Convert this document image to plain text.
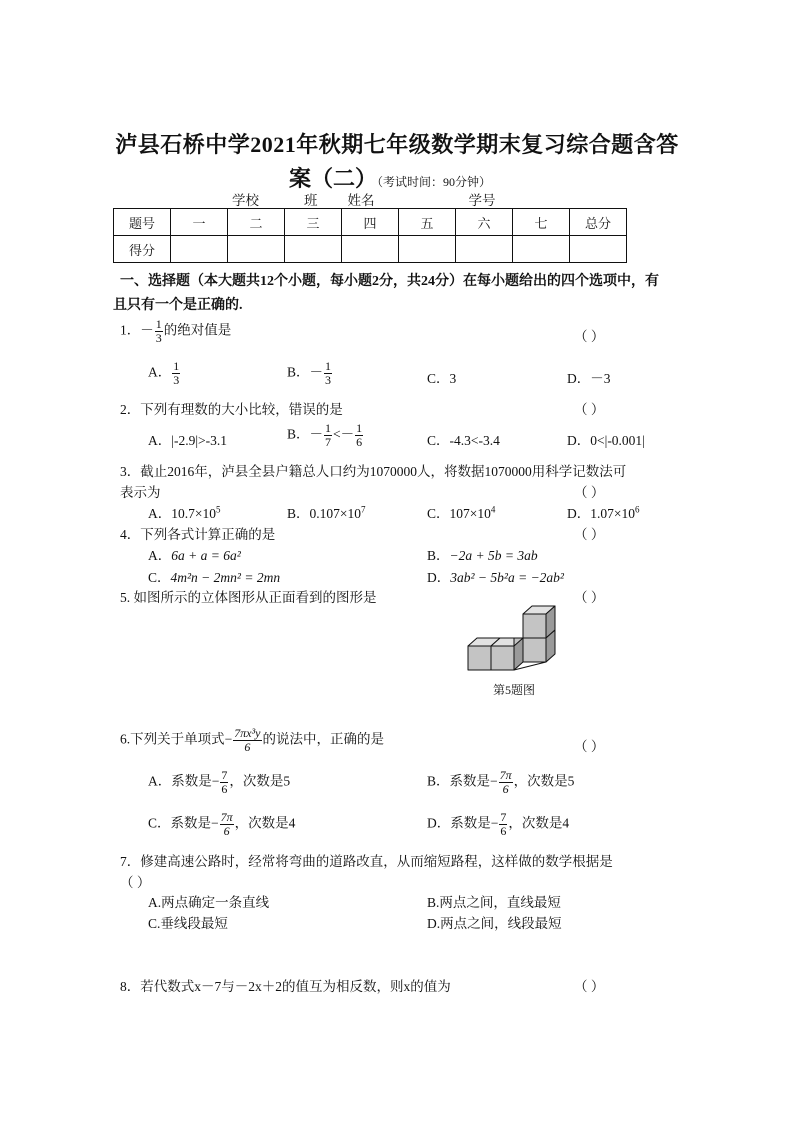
泸县石桥中学2021年秋期七年级数学期末复习综合题含答
案（二）（考试时间：90分钟）
学校	班 姓名	学号
题号	一	二	三	四	五	六	七	总分
得分								
一、选择题（本大题共12个小题，每小题2分，共24分）在每小题给出的四个选项中，有
且只有一个是正确的.
1．－ $\frac{1}{3}$ 的绝对值是	（ ）
A． $\frac{1}{3}$	B．－ $\frac{1}{3}$	C．3	D．－3
2．下列有理数的大小比较，错误的是	（ ）
A．|-2.9|>-3.1	B．－ $\frac{1}{7} <- \frac{1}{6}$	C．-4.3<-3.4	D．0<|-0.001|
3．截止2016年，泸县全县户籍总人口约为1070000人，将数据1070000用科学记数法可
表示为	（ ）
A．$10.7\times 10^5$	B．$0.107\times 10^7$	C．$107\times 10^4$	D．$1.07\times 10^6$
4．下列各式计算正确的是	（ ）
A．6a + a = 6a²	B．−2a + 5b = 3ab
C．4m²n − 2mn² = 2mn	D．3ab² − 5b²a = −2ab²
5. 如图所示的立体图形从正面看到的图形是	（ ）
第5题图
6.下列关于单项式− $\frac{\text{7πx³y}}{6}$ 的说法中，正确的是	（ ）
A．系数是− $\frac{7}{6}$ ，次数是5	B．系数是− $\frac{7\pi}{6}$ ，次数是5
C．系数是− $\frac{7\pi}{6}$ ，次数是4	D．系数是− $\frac{7}{6}$ ，次数是4
7．修建高速公路时，经常将弯曲的道路改直，从而缩短路程，这样做的数学根据是
（ ）
A.两点确定一条直线	B.两点之间，直线最短
C.垂线段最短	D.两点之间，线段最短
8．若代数式x－7与－2x＋2的值互为相反数，则x的值为	（ ）
